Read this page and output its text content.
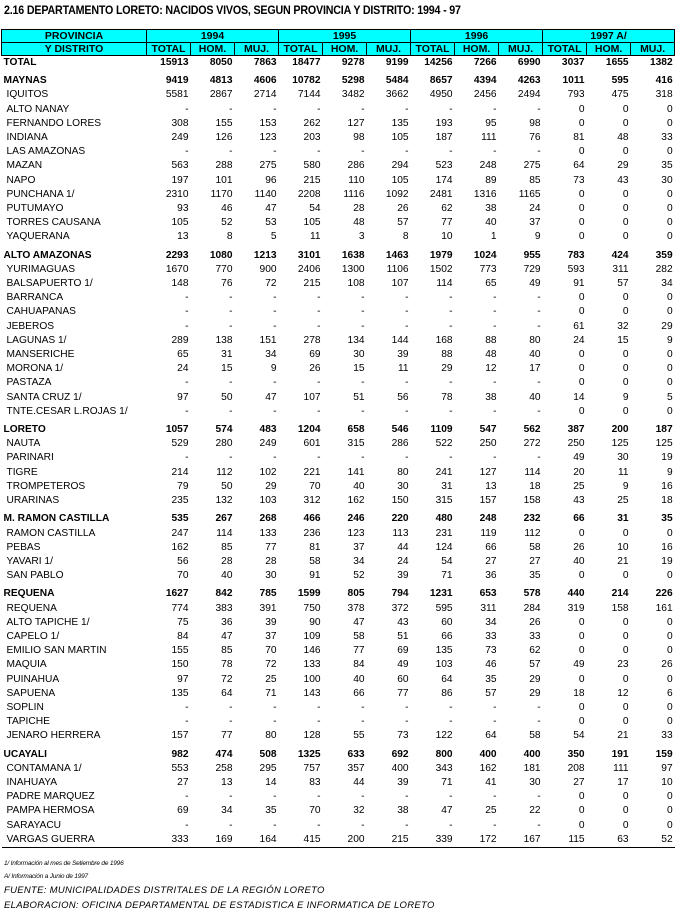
2.16 DEPARTAMENTO LORETO: NACIDOS VIVOS, SEGUN PROVINCIA Y DISTRITO: 1994 - 97
PROVINCIA	1994			1995			1996			1997 A/		
Y DISTRITO	TOTAL	HOM.	MUJ.	TOTAL	HOM.	MUJ.	TOTAL	HOM.	MUJ.	TOTAL	HOM.	MUJ.
TOTAL	15913	8050	7863	18477	9278	9199	14256	7266	6990	3037	1655	1382

MAYNAS	9419	4813	4606	10782	5298	5484	8657	4394	4263	1011	595	416
IQUITOS	5581	2867	2714	7144	3482	3662	4950	2456	2494	793	475	318
ALTO NANAY	-	-	-	-	-	-	-	-	-	0	0	0
FERNANDO LORES	308	155	153	262	127	135	193	95	98	0	0	0
INDIANA	249	126	123	203	98	105	187	111	76	81	48	33
LAS AMAZONAS	-	-	-	-	-	-	-	-	-	0	0	0
MAZAN	563	288	275	580	286	294	523	248	275	64	29	35
NAPO	197	101	96	215	110	105	174	89	85	73	43	30
PUNCHANA 1/	2310	1170	1140	2208	1116	1092	2481	1316	1165	0	0	0
PUTUMAYO	93	46	47	54	28	26	62	38	24	0	0	0
TORRES CAUSANA	105	52	53	105	48	57	77	40	37	0	0	0
YAQUERANA	13	8	5	11	3	8	10	1	9	0	0	0

ALTO AMAZONAS	2293	1080	1213	3101	1638	1463	1979	1024	955	783	424	359
YURIMAGUAS	1670	770	900	2406	1300	1106	1502	773	729	593	311	282
BALSAPUERTO 1/	148	76	72	215	108	107	114	65	49	91	57	34
BARRANCA	-	-	-	-	-	-	-	-	-	0	0	0
CAHUAPANAS	-	-	-	-	-	-	-	-	-	0	0	0
JEBEROS	-	-	-	-	-	-	-	-	-	61	32	29
LAGUNAS 1/	289	138	151	278	134	144	168	88	80	24	15	9
MANSERICHE	65	31	34	69	30	39	88	48	40	0	0	0
MORONA 1/	24	15	9	26	15	11	29	12	17	0	0	0
PASTAZA	-	-	-	-	-	-	-	-	-	0	0	0
SANTA CRUZ 1/	97	50	47	107	51	56	78	38	40	14	9	5
TNTE.CESAR L.ROJAS 1/	-	-	-	-	-	-	-	-	-	0	0	0

LORETO	1057	574	483	1204	658	546	1109	547	562	387	200	187
NAUTA	529	280	249	601	315	286	522	250	272	250	125	125
PARINARI	-	-	-	-	-	-	-	-	-	49	30	19
TIGRE	214	112	102	221	141	80	241	127	114	20	11	9
TROMPETEROS	79	50	29	70	40	30	31	13	18	25	9	16
URARINAS	235	132	103	312	162	150	315	157	158	43	25	18

M. RAMON CASTILLA	535	267	268	466	246	220	480	248	232	66	31	35
RAMON CASTILLA	247	114	133	236	123	113	231	119	112	0	0	0
PEBAS	162	85	77	81	37	44	124	66	58	26	10	16
YAVARI 1/	56	28	28	58	34	24	54	27	27	40	21	19
SAN PABLO	70	40	30	91	52	39	71	36	35	0	0	0

REQUENA	1627	842	785	1599	805	794	1231	653	578	440	214	226
REQUENA	774	383	391	750	378	372	595	311	284	319	158	161
ALTO TAPICHE 1/	75	36	39	90	47	43	60	34	26	0	0	0
CAPELO 1/	84	47	37	109	58	51	66	33	33	0	0	0
EMILIO SAN MARTIN	155	85	70	146	77	69	135	73	62	0	0	0
MAQUIA	150	78	72	133	84	49	103	46	57	49	23	26
PUINAHUA	97	72	25	100	40	60	64	35	29	0	0	0
SAPUENA	135	64	71	143	66	77	86	57	29	18	12	6
SOPLIN	-	-	-	-	-	-	-	-	-	0	0	0
TAPICHE	-	-	-	-	-	-	-	-	-	0	0	0
JENARO HERRERA	157	77	80	128	55	73	122	64	58	54	21	33

UCAYALI	982	474	508	1325	633	692	800	400	400	350	191	159
CONTAMANA 1/	553	258	295	757	357	400	343	162	181	208	111	97
INAHUAYA	27	13	14	83	44	39	71	41	30	27	17	10
PADRE MARQUEZ	-	-	-	-	-	-	-	-	-	0	0	0
PAMPA HERMOSA	69	34	35	70	32	38	47	25	22	0	0	0
SARAYACU	-	-	-	-	-	-	-	-	-	0	0	0
VARGAS GUERRA	333	169	164	415	200	215	339	172	167	115	63	52
1/ Información al mes de Setiembre de 1996
A/ Información a Junio de 1997
FUENTE: MUNICIPALIDADES DISTRITALES DE LA REGIÓN LORETO
ELABORACION: OFICINA DEPARTAMENTAL DE ESTADISTICA E INFORMATICA DE LORETO
